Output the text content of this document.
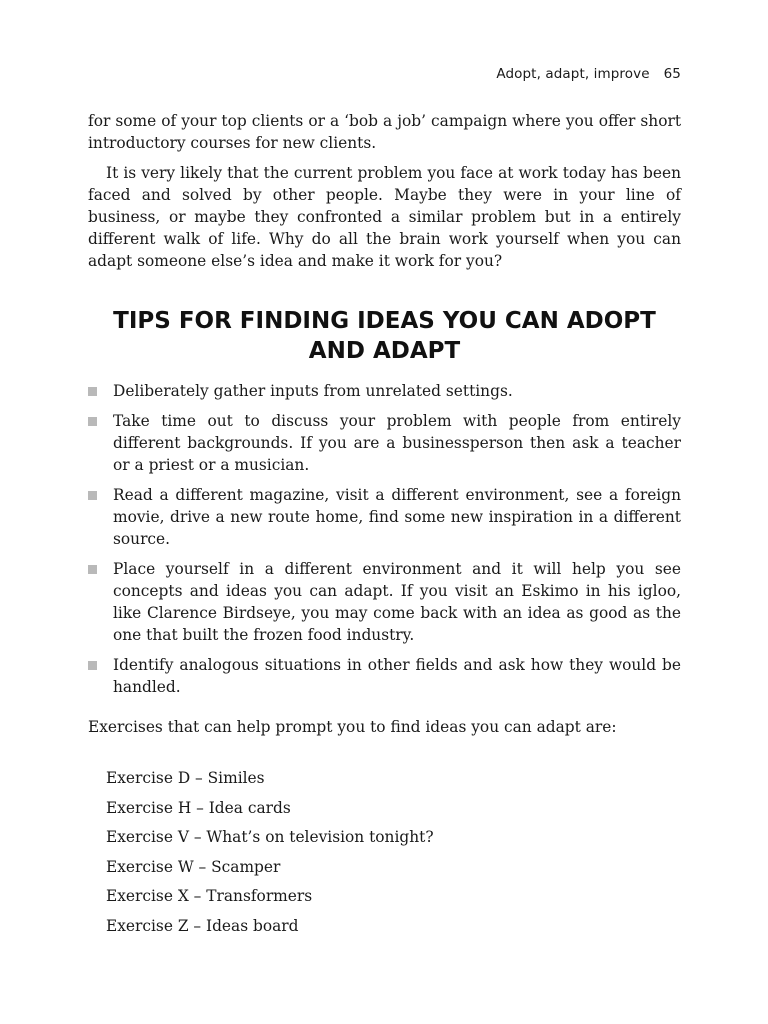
Adopt, adapt, improve 65

for some of your top clients or a ‘bob a job’ campaign where you offer short introductory courses for new clients.

It is very likely that the current problem you face at work today has been faced and solved by other people. Maybe they were in your line of business, or maybe they confronted a similar problem but in a entirely different walk of life. Why do all the brain work yourself when you can adapt someone else’s idea and make it work for you?

TIPS FOR FINDING IDEAS YOU CAN ADOPT
AND ADAPT
Deliberately gather inputs from unrelated settings.
Take time out to discuss your problem with people from entirely different backgrounds. If you are a businessperson then ask a teacher or a priest or a musician.
Read a different magazine, visit a different environment, see a foreign movie, drive a new route home, find some new inspiration in a different source.
Place yourself in a different environment and it will help you see concepts and ideas you can adapt. If you visit an Eskimo in his igloo, like Clarence Birdseye, you may come back with an idea as good as the one that built the frozen food industry.
Identify analogous situations in other fields and ask how they would be handled.

Exercises that can help prompt you to find ideas you can adapt are:

Exercise D – Similes
Exercise H – Idea cards
Exercise V – What’s on television tonight?
Exercise W – Scamper
Exercise X – Transformers
Exercise Z – Ideas board
